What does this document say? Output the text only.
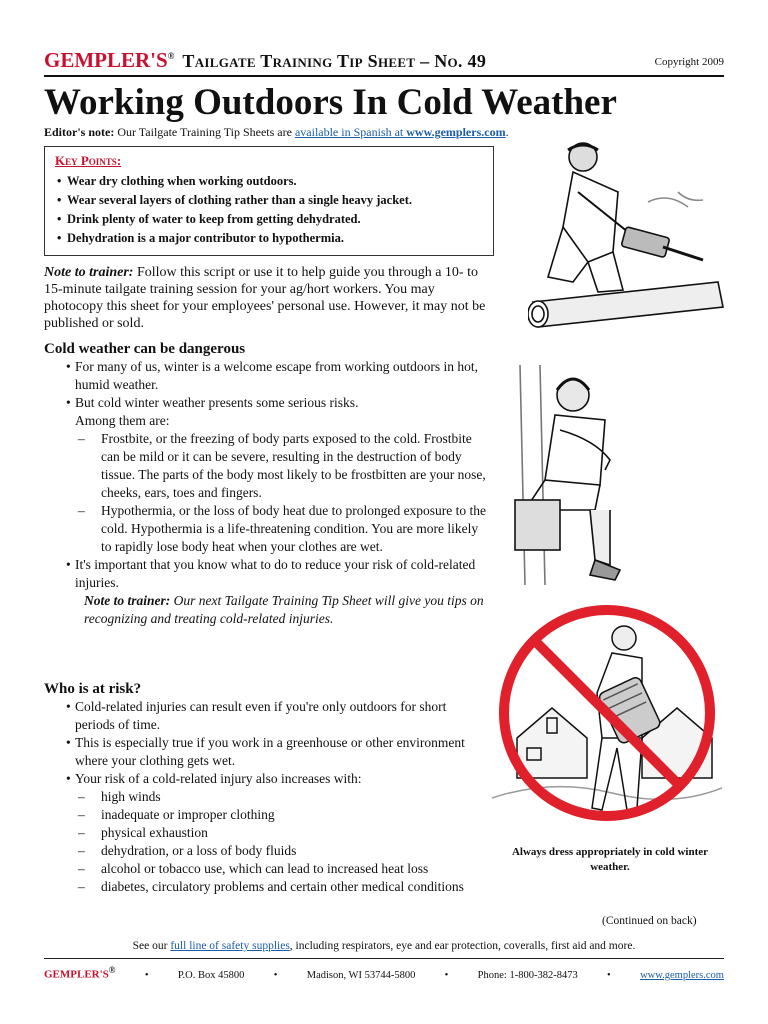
GEMPLER'S® Tailgate Training Tip Sheet – No. 49	Copyright 2009
Working Outdoors In Cold Weather
Editor's note: Our Tailgate Training Tip Sheets are available in Spanish at www.gemplers.com.
Key Points:
• Wear dry clothing when working outdoors.
• Wear several layers of clothing rather than a single heavy jacket.
• Drink plenty of water to keep from getting dehydrated.
• Dehydration is a major contributor to hypothermia.
Note to trainer: Follow this script or use it to help guide you through a 10- to 15-minute tailgate training session for your ag/hort workers. You may photocopy this sheet for your employees' personal use. However, it may not be published or sold.
Cold weather can be dangerous
• For many of us, winter is a welcome escape from working outdoors in hot, humid weather.
• But cold winter weather presents some serious risks.
Among them are:
– Frostbite, or the freezing of body parts exposed to the cold. Frostbite can be mild or it can be severe, resulting in the destruction of body tissue. The parts of the body most likely to be frostbitten are your nose, cheeks, ears, toes and fingers.
– Hypothermia, or the loss of body heat due to prolonged exposure to the cold. Hypothermia is a life-threatening condition. You are more likely to rapidly lose body heat when your clothes are wet.
• It's important that you know what to do to reduce your risk of cold-related injuries.
Note to trainer: Our next Tailgate Training Tip Sheet will give you tips on recognizing and treating cold-related injuries.
Who is at risk?
• Cold-related injuries can result even if you're only outdoors for short periods of time.
• This is especially true if you work in a greenhouse or other environment where your clothing gets wet.
• Your risk of a cold-related injury also increases with:
– high winds
– inadequate or improper clothing
– physical exhaustion
– dehydration, or a loss of body fluids
– alcohol or tobacco use, which can lead to increased heat loss
– diabetes, circulatory problems and certain other medical conditions
Always dress appropriately in cold winter weather.
(Continued on back)
See our full line of safety supplies, including respirators, eye and ear protection, coveralls, first aid and more.
GEMPLER'S®	•	P.O. Box 45800	•	Madison, WI 53744-5800	•	Phone: 1-800-382-8473	•	www.gemplers.com
